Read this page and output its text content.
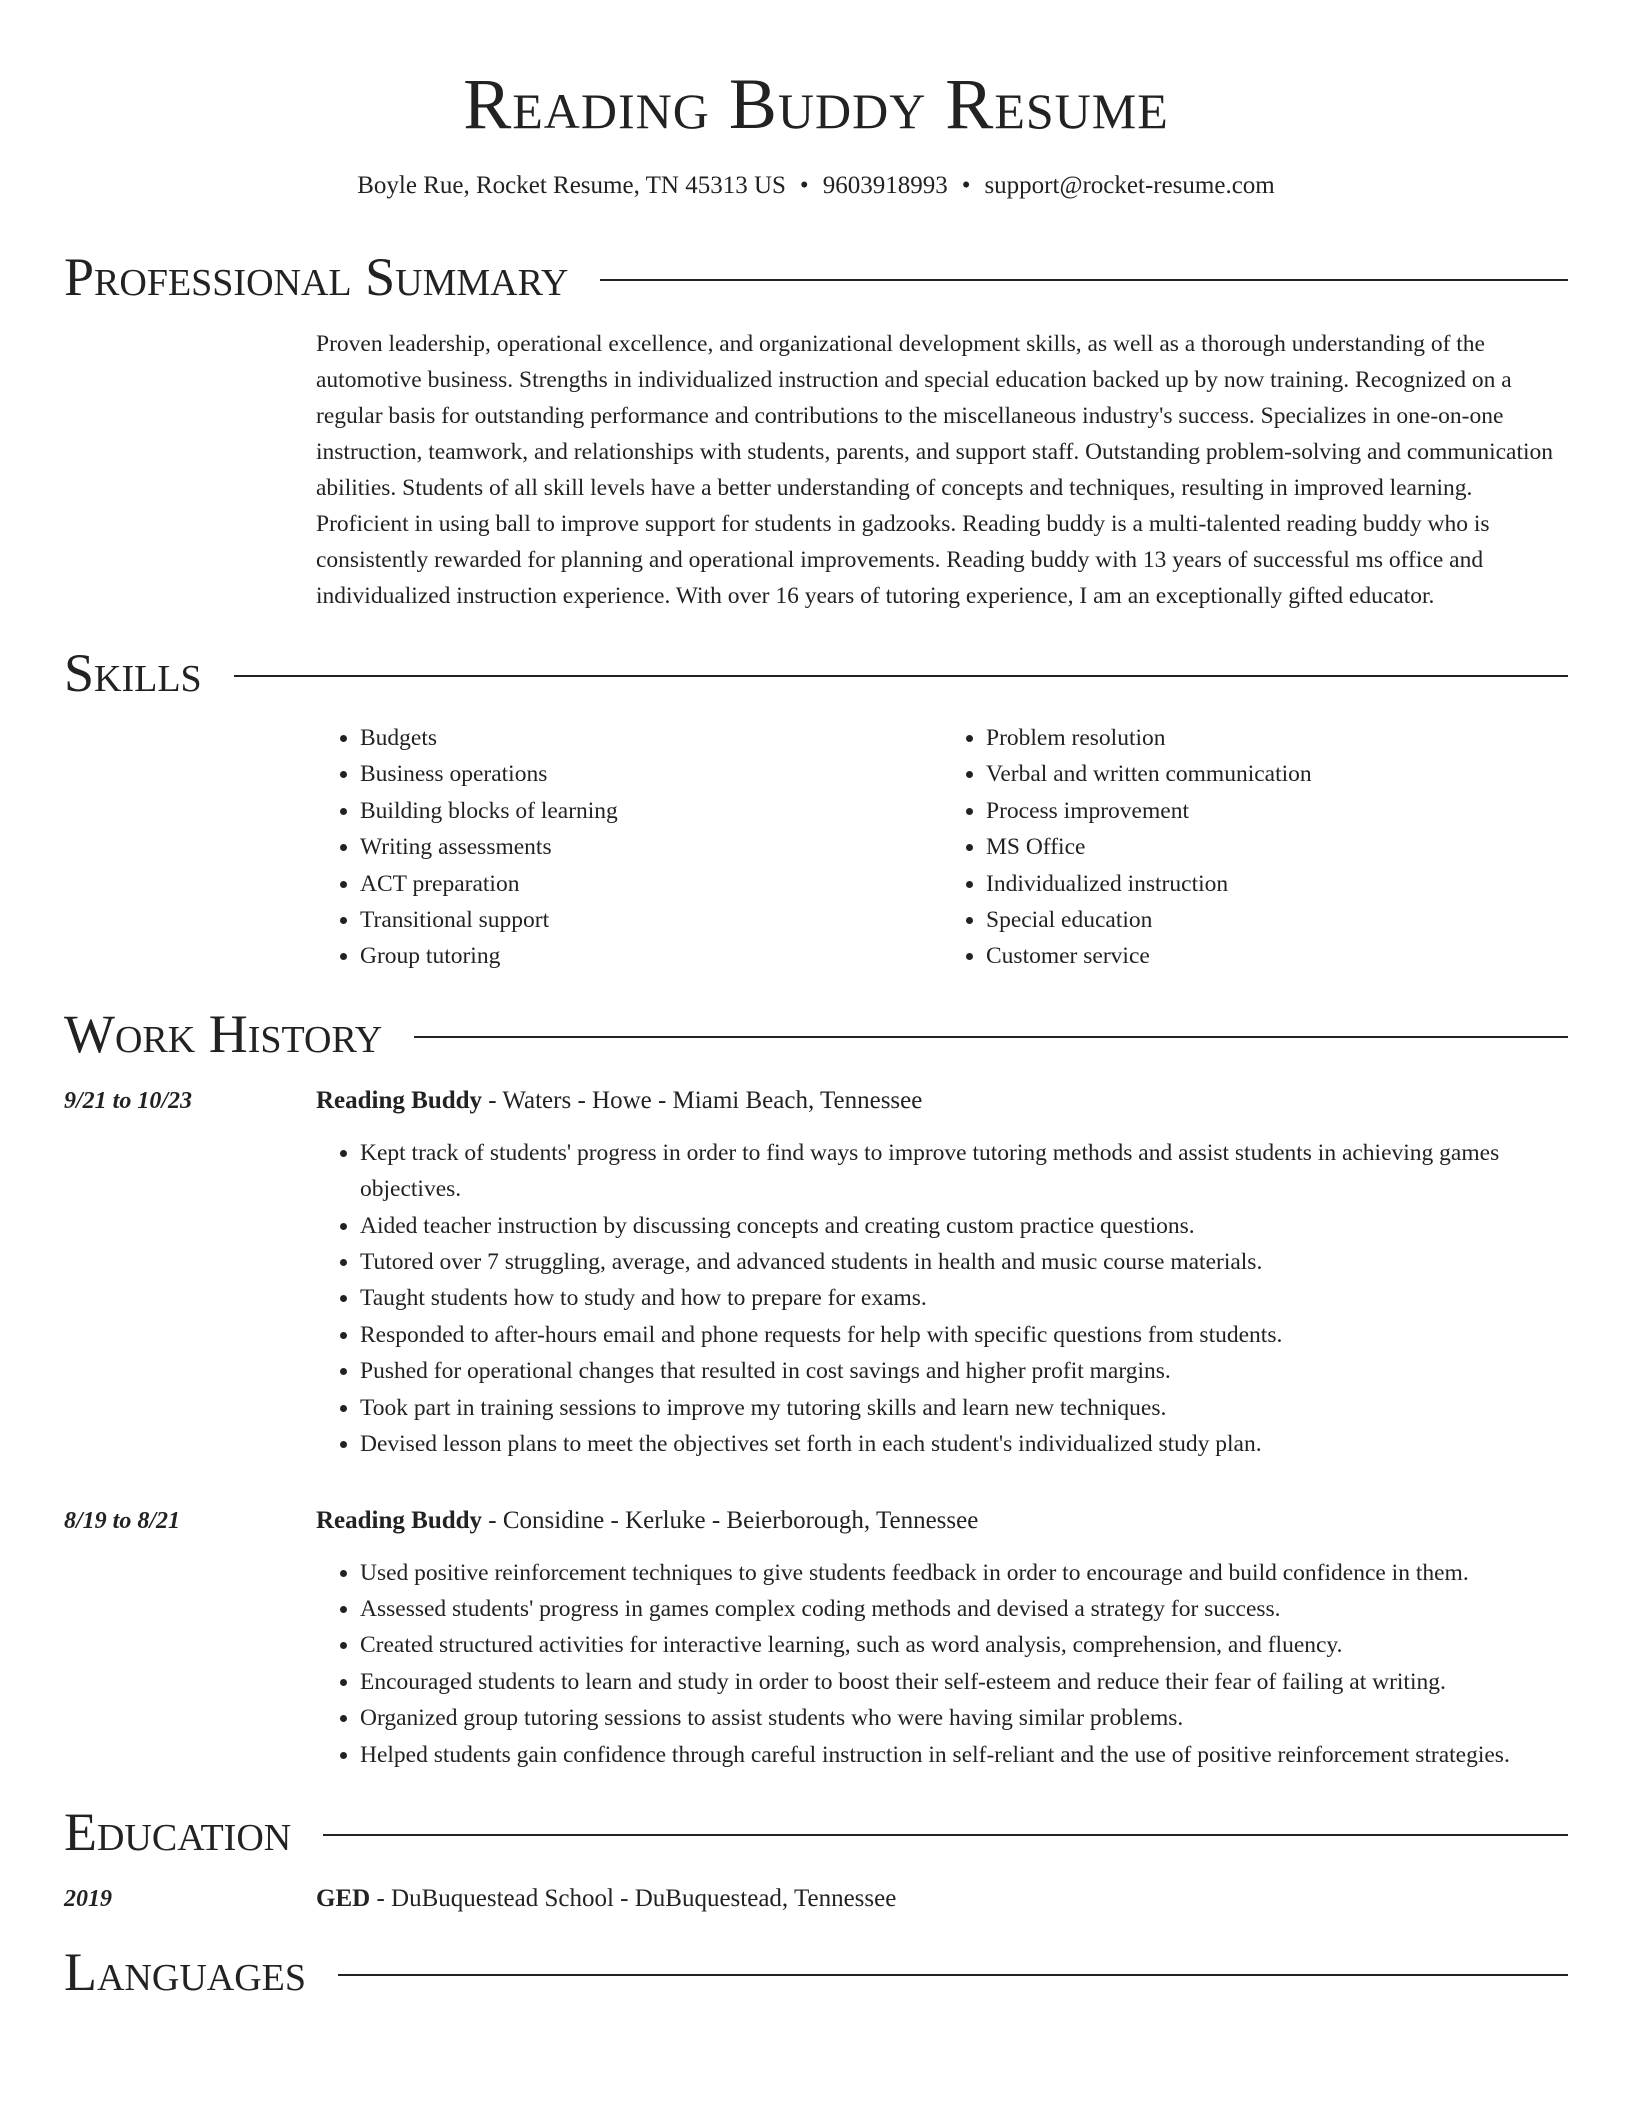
Reading Buddy Resume
Boyle Rue, Rocket Resume, TN 45313 US • 9603918993 • support@rocket-resume.com
Professional Summary
Proven leadership, operational excellence, and organizational development skills, as well as a thorough understanding of the automotive business. Strengths in individualized instruction and special education backed up by now training. Recognized on a regular basis for outstanding performance and contributions to the miscellaneous industry's success. Specializes in one-on-one instruction, teamwork, and relationships with students, parents, and support staff. Outstanding problem-solving and communication abilities. Students of all skill levels have a better understanding of concepts and techniques, resulting in improved learning. Proficient in using ball to improve support for students in gadzooks. Reading buddy is a multi-talented reading buddy who is consistently rewarded for planning and operational improvements. Reading buddy with 13 years of successful ms office and individualized instruction experience. With over 16 years of tutoring experience, I am an exceptionally gifted educator.
Skills
• Budgets
• Business operations
• Building blocks of learning
• Writing assessments
• ACT preparation
• Transitional support
• Group tutoring
• Problem resolution
• Verbal and written communication
• Process improvement
• MS Office
• Individualized instruction
• Special education
• Customer service
Work History
9/21 to 10/23	Reading Buddy - Waters - Howe - Miami Beach, Tennessee
• Kept track of students' progress in order to find ways to improve tutoring methods and assist students in achieving games objectives.
• Aided teacher instruction by discussing concepts and creating custom practice questions.
• Tutored over 7 struggling, average, and advanced students in health and music course materials.
• Taught students how to study and how to prepare for exams.
• Responded to after-hours email and phone requests for help with specific questions from students.
• Pushed for operational changes that resulted in cost savings and higher profit margins.
• Took part in training sessions to improve my tutoring skills and learn new techniques.
• Devised lesson plans to meet the objectives set forth in each student's individualized study plan.
8/19 to 8/21	Reading Buddy - Considine - Kerluke - Beierborough, Tennessee
• Used positive reinforcement techniques to give students feedback in order to encourage and build confidence in them.
• Assessed students' progress in games complex coding methods and devised a strategy for success.
• Created structured activities for interactive learning, such as word analysis, comprehension, and fluency.
• Encouraged students to learn and study in order to boost their self-esteem and reduce their fear of failing at writing.
• Organized group tutoring sessions to assist students who were having similar problems.
• Helped students gain confidence through careful instruction in self-reliant and the use of positive reinforcement strategies.
Education
2019	GED - DuBuquestead School - DuBuquestead, Tennessee
Languages
